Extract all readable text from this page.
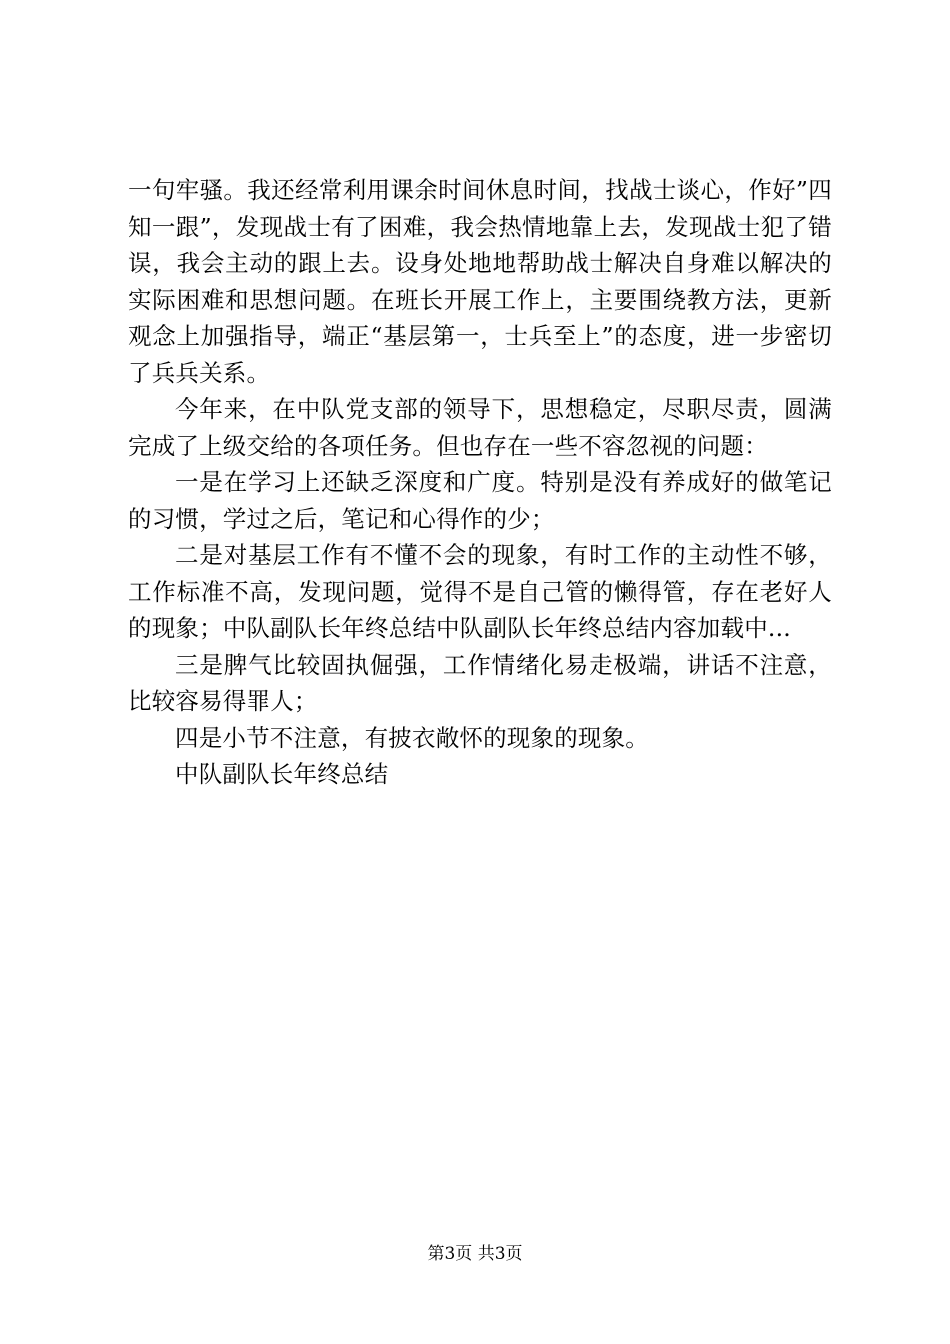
一句牢骚。我还经常利用课余时间休息时间，找战士谈心，作好”四知一跟”，发现战士有了困难，我会热情地靠上去，发现战士犯了错误，我会主动的跟上去。设身处地地帮助战士解决自身难以解决的实际困难和思想问题。在班长开展工作上，主要围绕教方法，更新观念上加强指导，端正“基层第一，士兵至上”的态度，进一步密切了兵兵关系。

今年来，在中队党支部的领导下，思想稳定，尽职尽责，圆满完成了上级交给的各项任务。但也存在一些不容忽视的问题：

一是在学习上还缺乏深度和广度。特别是没有养成好的做笔记的习惯，学过之后，笔记和心得作的少；

二是对基层工作有不懂不会的现象，有时工作的主动性不够，工作标准不高，发现问题，觉得不是自己管的懒得管，存在老好人的现象；中队副队长年终总结中队副队长年终总结内容加载中...

三是脾气比较固执倔强，工作情绪化易走极端，讲话不注意，比较容易得罪人；

四是小节不注意，有披衣敞怀的现象的现象。

中队副队长年终总结

第3页 共3页
